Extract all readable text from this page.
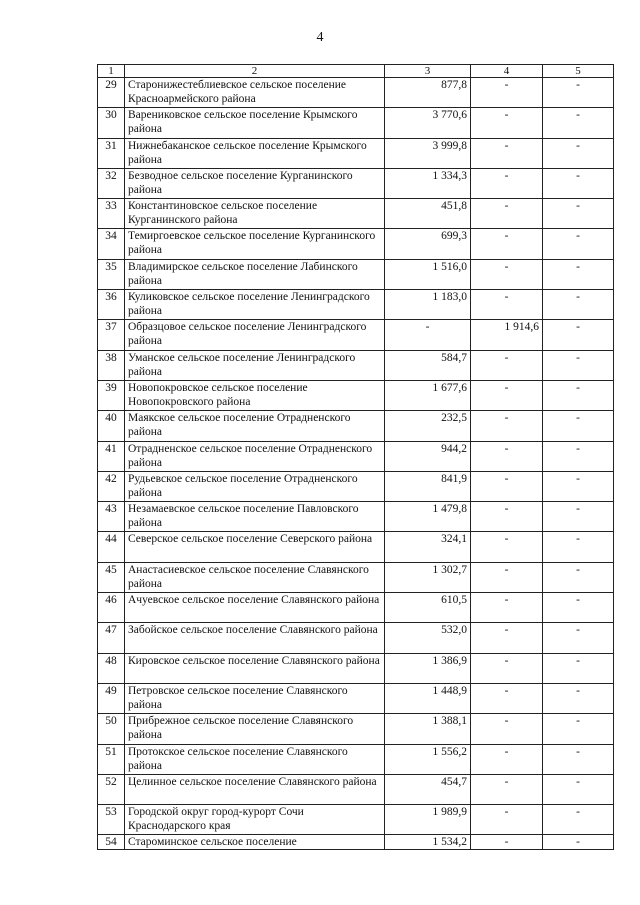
4
1	2	3	4	5
29	Старонижестеблиевское сельское поселение Красноармейского района	877,8	-	-
30	Варениковское сельское поселение Крымского района	3 770,6	-	-
31	Нижнебаканское сельское поселение Крымского района	3 999,8	-	-
32	Безводное сельское поселение Курганинского района	1 334,3	-	-
33	Константиновское сельское поселение Курганинского района	451,8	-	-
34	Темиргоевское сельское поселение Курганинского района	699,3	-	-
35	Владимирское сельское поселение Лабинского района	1 516,0	-	-
36	Куликовское сельское поселение Ленинградского района	1 183,0	-	-
37	Образцовое сельское поселение Ленинградского района	-	1 914,6	-
38	Уманское сельское поселение Ленинградского района	584,7	-	-
39	Новопокровское сельское поселение Новопокровского района	1 677,6	-	-
40	Маякское сельское поселение Отрадненского района	232,5	-	-
41	Отрадненское сельское поселение Отрадненского района	944,2	-	-
42	Рудьевское сельское поселение Отрадненского района	841,9	-	-
43	Незамаевское сельское поселение Павловского района	1 479,8	-	-
44	Северское сельское поселение Северского района	324,1	-	-
45	Анастасиевское сельское поселение Славянского района	1 302,7	-	-
46	Ачуевское сельское поселение Славянского района	610,5	-	-
47	Забойское сельское поселение Славянского района	532,0	-	-
48	Кировское сельское поселение Славянского района	1 386,9	-	-
49	Петровское сельское поселение Славянского района	1 448,9	-	-
50	Прибрежное сельское поселение Славянского района	1 388,1	-	-
51	Протокское сельское поселение Славянского района	1 556,2	-	-
52	Целинное сельское поселение Славянского района	454,7	-	-
53	Городской округ город-курорт Сочи Краснодарского края	1 989,9	-	-
54	Староминское сельское поселение	1 534,2	-	-
